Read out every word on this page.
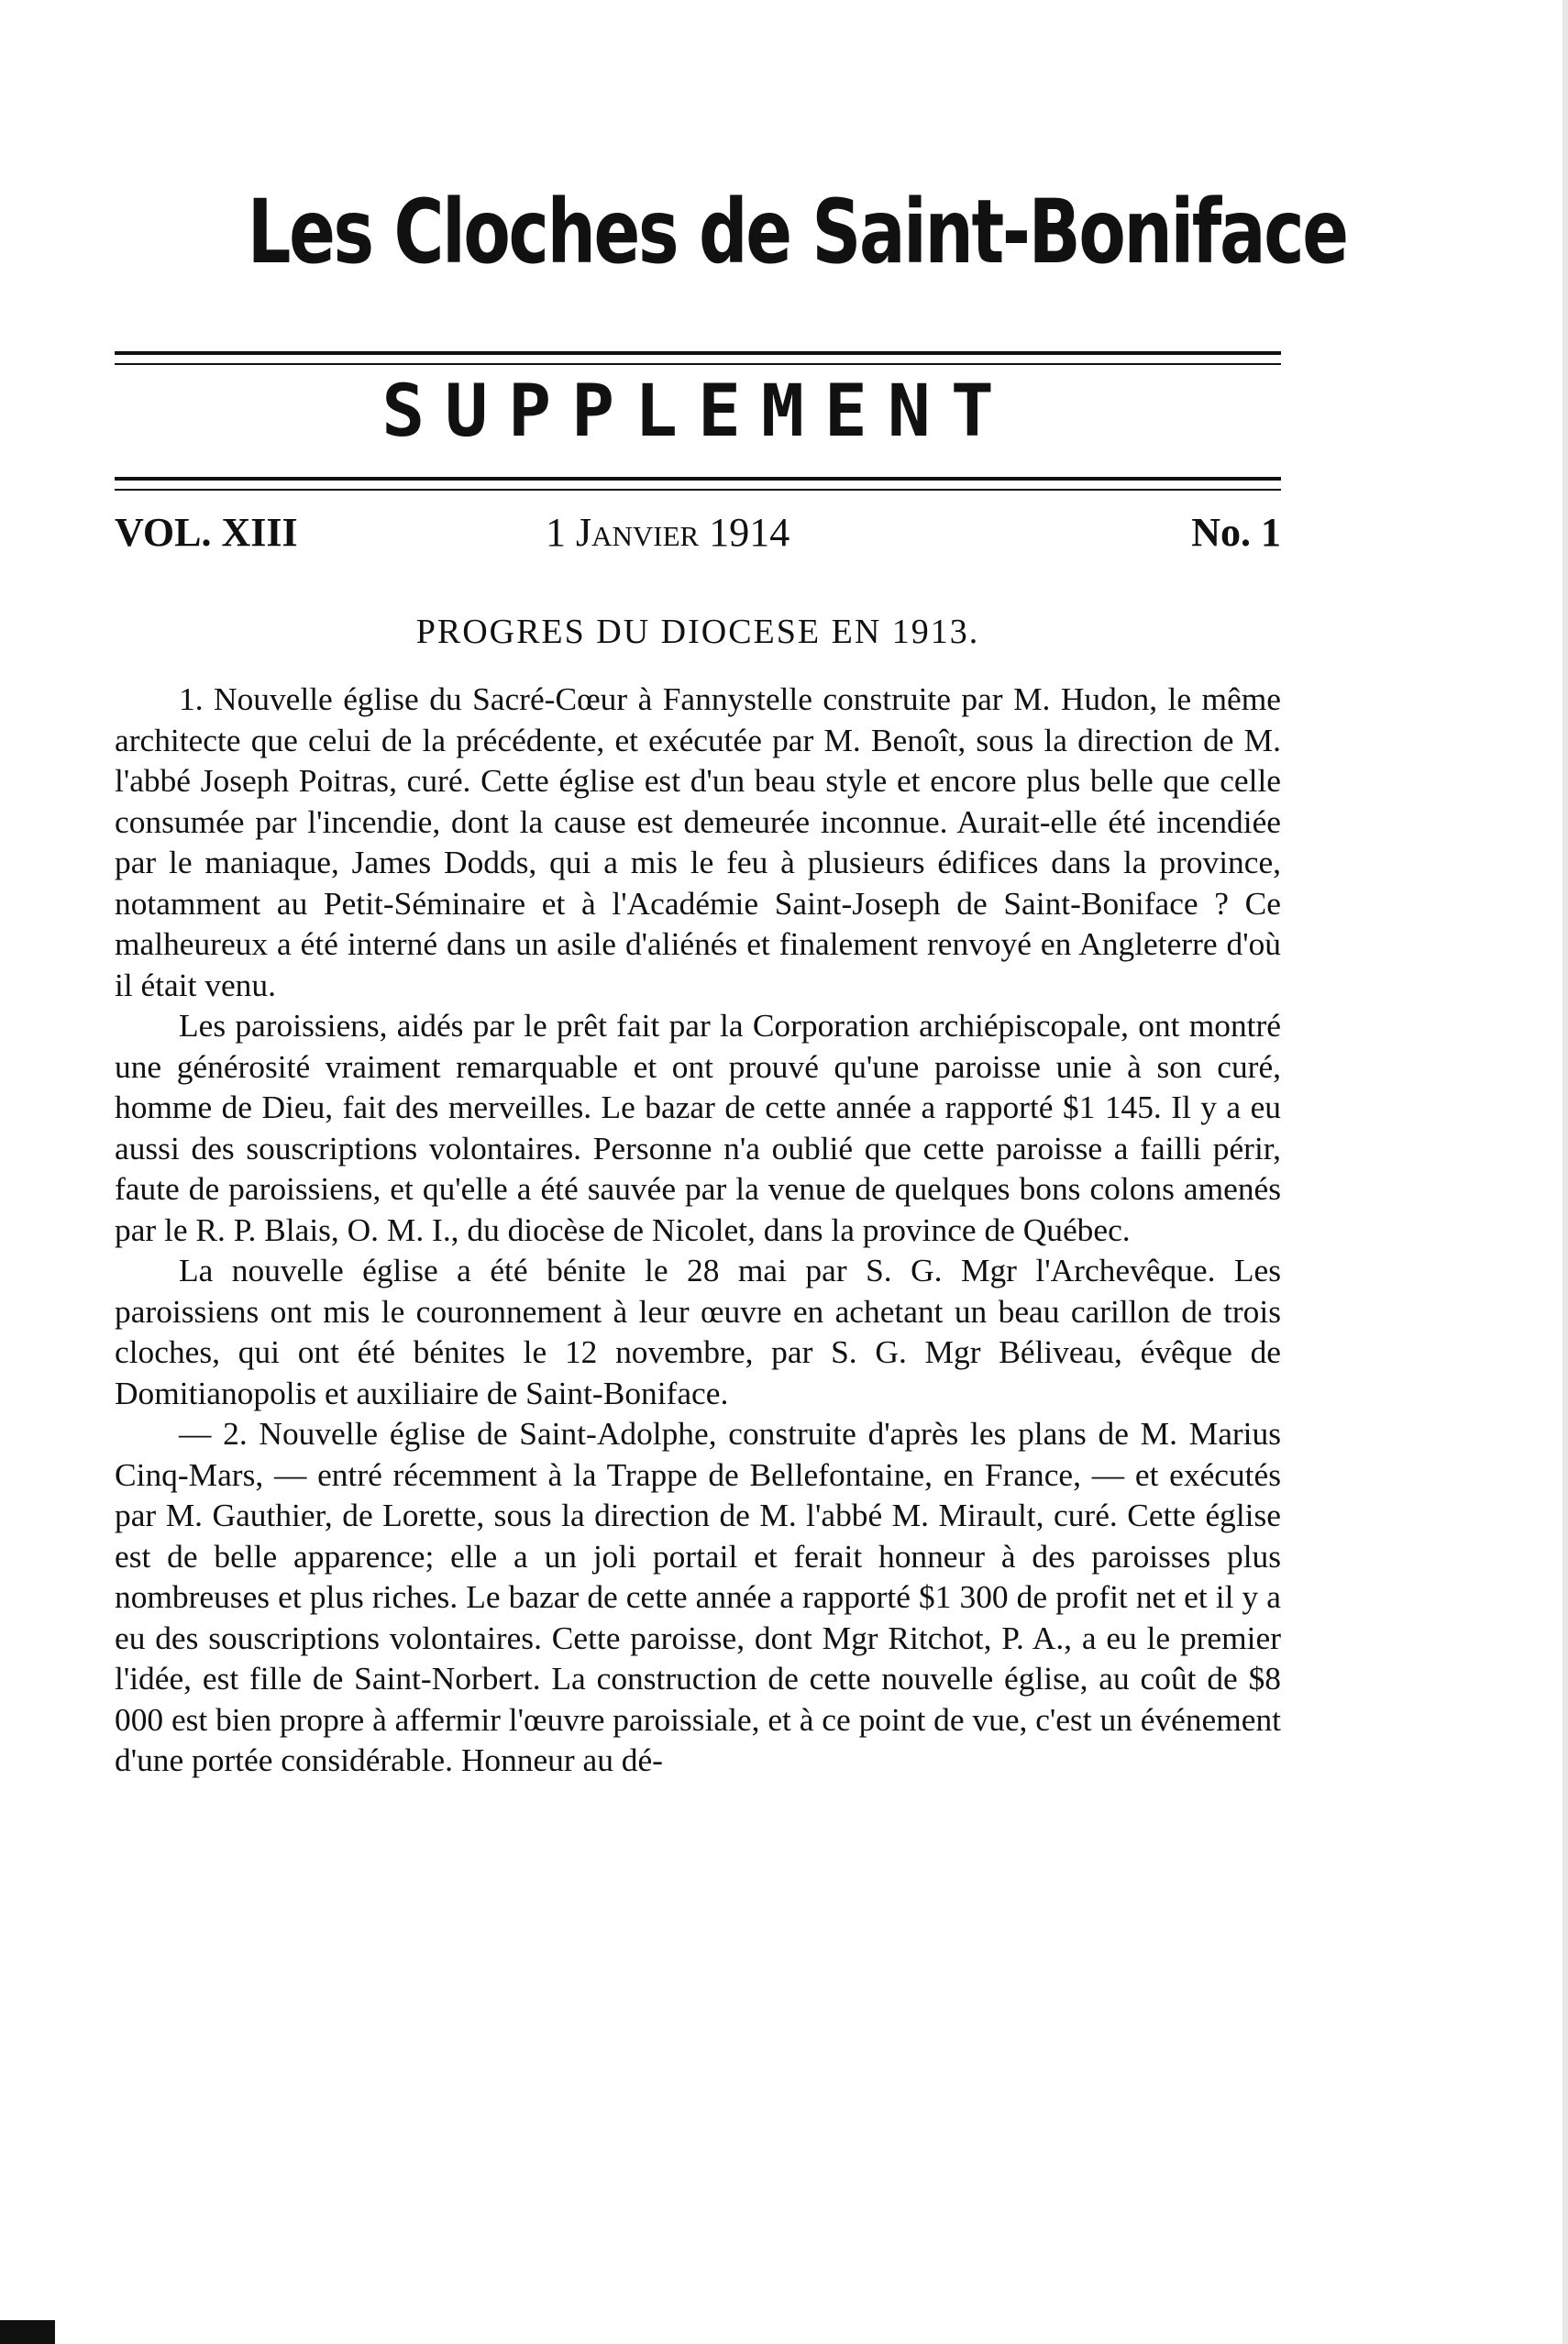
Les Cloches de Saint-Boniface
SUPPLEMENT
VOL. XIII	1 Janvier 1914	No. 1
PROGRES DU DIOCESE EN 1913.

1. Nouvelle église du Sacré-Cœur à Fannystelle construite par M. Hudon, le même architecte que celui de la précédente, et exécutée par M. Benoît, sous la direction de M. l'abbé Joseph Poitras, curé. Cette église est d'un beau style et encore plus belle que celle consumée par l'incendie, dont la cause est demeurée inconnue. Aurait-elle été incendiée par le maniaque, James Dodds, qui a mis le feu à plusieurs édifices dans la province, notamment au Petit-Séminaire et à l'Académie Saint-Joseph de Saint-Boniface ? Ce malheureux a été interné dans un asile d'aliénés et finalement renvoyé en Angleterre d'où il était venu.

Les paroissiens, aidés par le prêt fait par la Corporation archiépiscopale, ont montré une générosité vraiment remarquable et ont prouvé qu'une paroisse unie à son curé, homme de Dieu, fait des merveilles. Le bazar de cette année a rapporté $1 145. Il y a eu aussi des souscriptions volontaires. Personne n'a oublié que cette paroisse a failli périr, faute de paroissiens, et qu'elle a été sauvée par la venue de quelques bons colons amenés par le R. P. Blais, O. M. I., du diocèse de Nicolet, dans la province de Québec.

La nouvelle église a été bénite le 28 mai par S. G. Mgr l'Archevêque. Les paroissiens ont mis le couronnement à leur œuvre en achetant un beau carillon de trois cloches, qui ont été bénites le 12 novembre, par S. G. Mgr Béliveau, évêque de Domitianopolis et auxiliaire de Saint-Boniface.

— 2. Nouvelle église de Saint-Adolphe, construite d'après les plans de M. Marius Cinq-Mars, — entré récemment à la Trappe de Bellefontaine, en France, — et exécutés par M. Gauthier, de Lorette, sous la direction de M. l'abbé M. Mirault, curé. Cette église est de belle apparence; elle a un joli portail et ferait honneur à des paroisses plus nombreuses et plus riches. Le bazar de cette année a rapporté $1 300 de profit net et il y a eu des souscriptions volontaires. Cette paroisse, dont Mgr Ritchot, P. A., a eu le premier l'idée, est fille de Saint-Norbert. La construction de cette nouvelle église, au coût de $8 000 est bien propre à affermir l'œuvre paroissiale, et à ce point de vue, c'est un événement d'une portée considérable. Honneur au dé-
